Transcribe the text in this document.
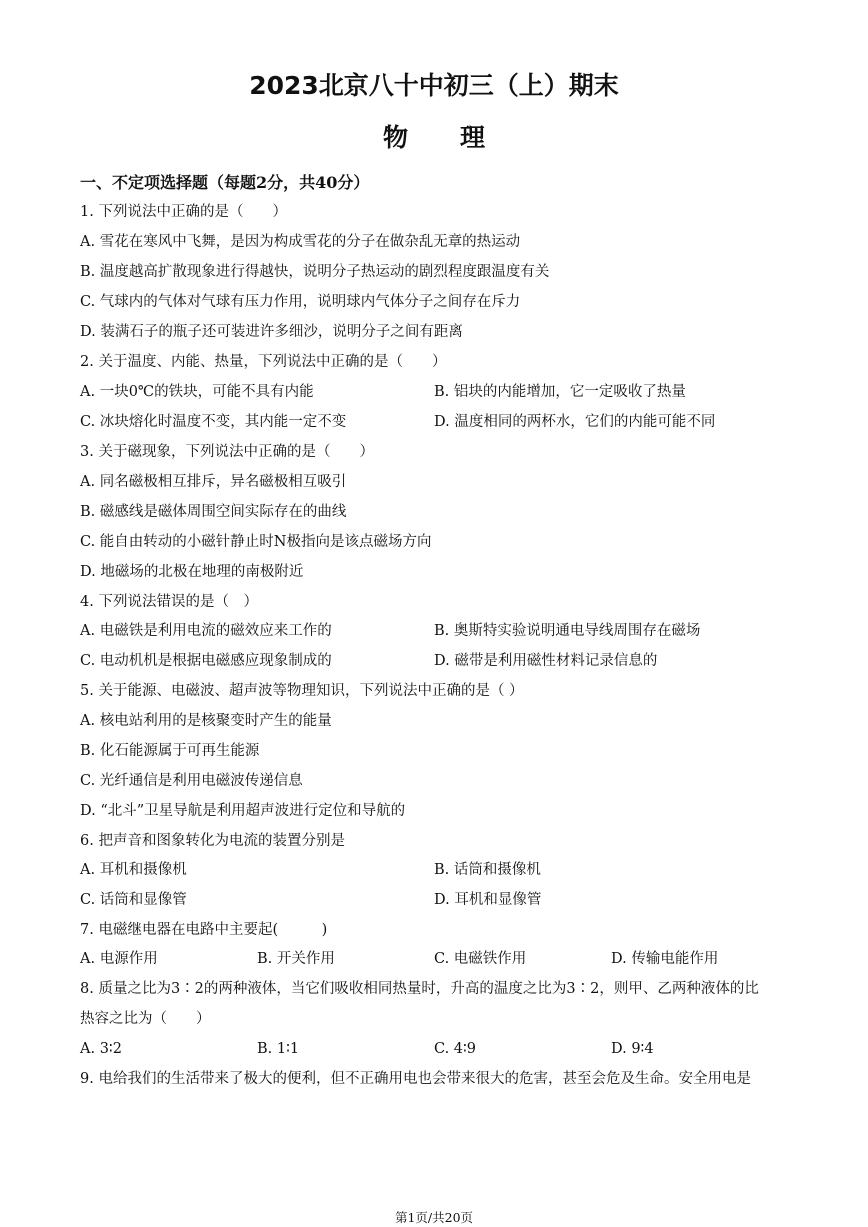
2023北京八十中初三（上）期末
物理
一、不定项选择题（每题2分，共40分）
1. 下列说法中正确的是（　　）
A. 雪花在寒风中飞舞，是因为构成雪花的分子在做杂乱无章的热运动
B. 温度越高扩散现象进行得越快，说明分子热运动的剧烈程度跟温度有关
C. 气球内的气体对气球有压力作用，说明球内气体分子之间存在斥力
D. 装满石子的瓶子还可装进许多细沙，说明分子之间有距离
2. 关于温度、内能、热量，下列说法中正确的是（　　）
A. 一块0℃的铁块，可能不具有内能	B. 铝块的内能增加，它一定吸收了热量
C. 冰块熔化时温度不变，其内能一定不变	D. 温度相同的两杯水，它们的内能可能不同
3. 关于磁现象，下列说法中正确的是（　　）
A. 同名磁极相互排斥，异名磁极相互吸引
B. 磁感线是磁体周围空间实际存在的曲线
C. 能自由转动的小磁针静止时N极指向是该点磁场方向
D. 地磁场的北极在地理的南极附近
4. 下列说法错误的是（　）
A. 电磁铁是利用电流的磁效应来工作的	B. 奥斯特实验说明通电导线周围存在磁场
C. 电动机机是根据电磁感应现象制成的	D. 磁带是利用磁性材料记录信息的
5. 关于能源、电磁波、超声波等物理知识，下列说法中正确的是（ ）
A. 核电站利用的是核聚变时产生的能量
B. 化石能源属于可再生能源
C. 光纤通信是利用电磁波传递信息
D. “北斗”卫星导航是利用超声波进行定位和导航的
6. 把声音和图象转化为电流的装置分别是
A. 耳机和摄像机	B. 话筒和摄像机
C. 话筒和显像管	D. 耳机和显像管
7. 电磁继电器在电路中主要起(　　　)
A. 电源作用	B. 开关作用	C. 电磁铁作用	D. 传输电能作用
8. 质量之比为3∶2的两种液体，当它们吸收相同热量时，升高的温度之比为3∶2，则甲、乙两种液体的比
热容之比为（　　）
A. 3∶2	B. 1∶1	C. 4∶9	D. 9∶4
9. 电给我们的生活带来了极大的便利，但不正确用电也会带来很大的危害，甚至会危及生命。安全用电是
第1页/共20页
